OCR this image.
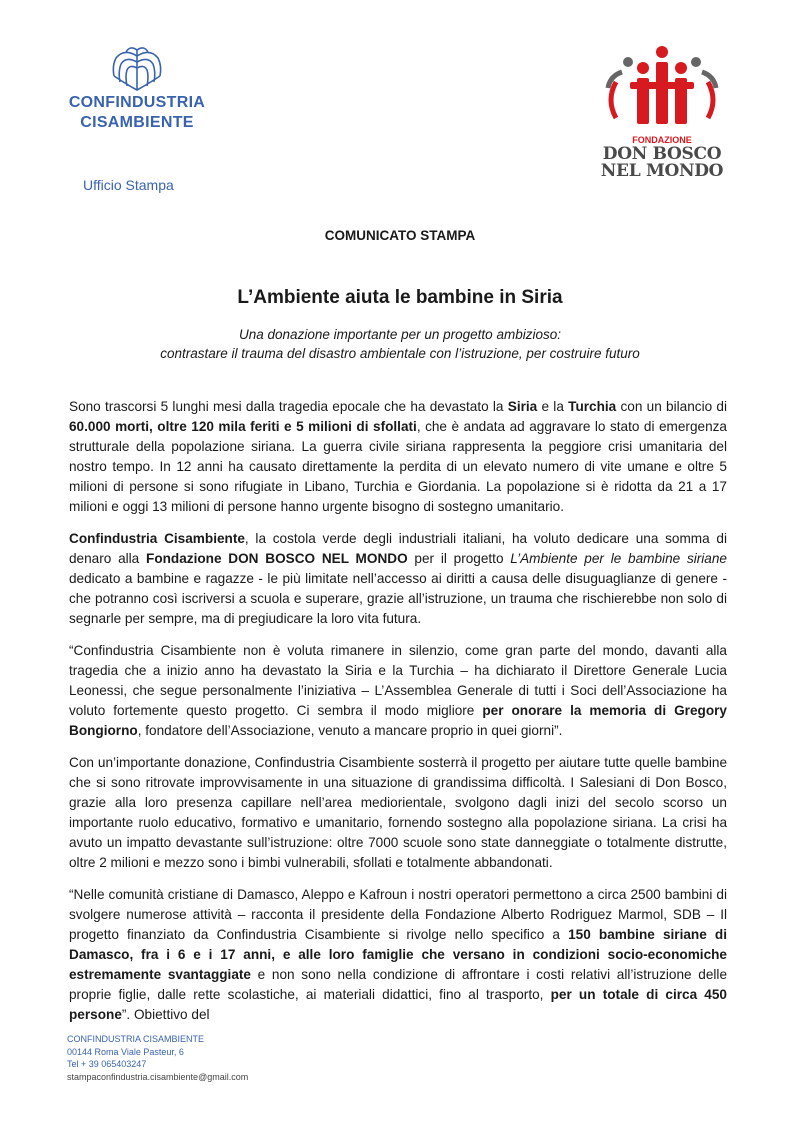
CONFINDUSTRIA
CISAMBIENTE
FONDAZIONE
DON BOSCO
NEL MONDO
Ufficio Stampa
COMUNICATO STAMPA
L’Ambiente aiuta le bambine in Siria
Una donazione importante per un progetto ambizioso:
contrastare il trauma del disastro ambientale con l’istruzione, per costruire futuro

Sono trascorsi 5 lunghi mesi dalla tragedia epocale che ha devastato la Siria e la Turchia con un bilancio di 60.000 morti, oltre 120 mila feriti e 5 milioni di sfollati, che è andata ad aggravare lo stato di emergenza strutturale della popolazione siriana. La guerra civile siriana rappresenta la peggiore crisi umanitaria del nostro tempo. In 12 anni ha causato direttamente la perdita di un elevato numero di vite umane e oltre 5 milioni di persone si sono rifugiate in Libano, Turchia e Giordania. La popolazione si è ridotta da 21 a 17 milioni e oggi 13 milioni di persone hanno urgente bisogno di sostegno umanitario.

Confindustria Cisambiente, la costola verde degli industriali italiani, ha voluto dedicare una somma di denaro alla Fondazione DON BOSCO NEL MONDO per il progetto L’Ambiente per le bambine siriane dedicato a bambine e ragazze - le più limitate nell’accesso ai diritti a causa delle disuguaglianze di genere - che potranno così iscriversi a scuola e superare, grazie all’istruzione, un trauma che rischierebbe non solo di segnarle per sempre, ma di pregiudicare la loro vita futura.

“Confindustria Cisambiente non è voluta rimanere in silenzio, come gran parte del mondo, davanti alla tragedia che a inizio anno ha devastato la Siria e la Turchia – ha dichiarato il Direttore Generale Lucia Leonessi, che segue personalmente l’iniziativa – L’Assemblea Generale di tutti i Soci dell’Associazione ha voluto fortemente questo progetto. Ci sembra il modo migliore per onorare la memoria di Gregory Bongiorno, fondatore dell’Associazione, venuto a mancare proprio in quei giorni”.

Con un’importante donazione, Confindustria Cisambiente sosterrà il progetto per aiutare tutte quelle bambine che si sono ritrovate improvvisamente in una situazione di grandissima difficoltà. I Salesiani di Don Bosco, grazie alla loro presenza capillare nell’area mediorientale, svolgono dagli inizi del secolo scorso un importante ruolo educativo, formativo e umanitario, fornendo sostegno alla popolazione siriana. La crisi ha avuto un impatto devastante sull’istruzione: oltre 7000 scuole sono state danneggiate o totalmente distrutte, oltre 2 milioni e mezzo sono i bimbi vulnerabili, sfollati e totalmente abbandonati.

“Nelle comunità cristiane di Damasco, Aleppo e Kafroun i nostri operatori permettono a circa 2500 bambini di svolgere numerose attività – racconta il presidente della Fondazione Alberto Rodriguez Marmol, SDB – Il progetto finanziato da Confindustria Cisambiente si rivolge nello specifico a 150 bambine siriane di Damasco, fra i 6 e i 17 anni, e alle loro famiglie che versano in condizioni socio-economiche estremamente svantaggiate e non sono nella condizione di affrontare i costi relativi all’istruzione delle proprie figlie, dalle rette scolastiche, ai materiali didattici, fino al trasporto, per un totale di circa 450 persone”. Obiettivo del

CONFINDUSTRIA CISAMBIENTE
00144 Roma Viale Pasteur, 6
Tel + 39 065403247
stampaconfindustria.cisambiente@gmail.com
